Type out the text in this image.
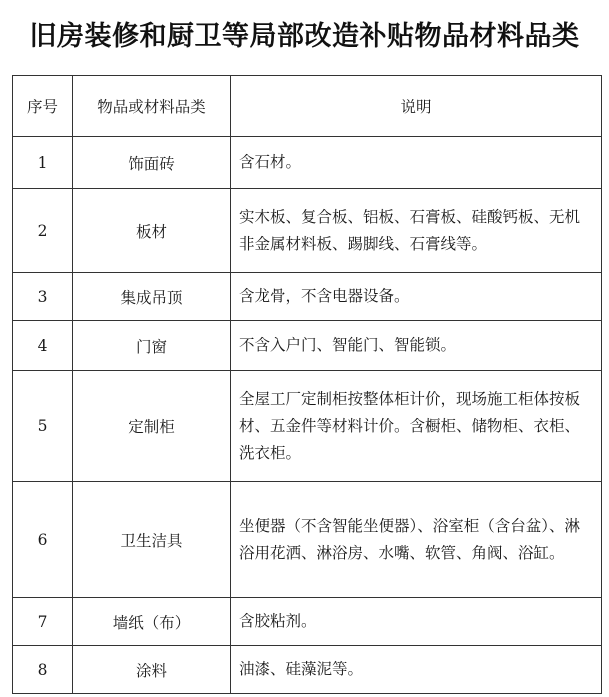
旧房装修和厨卫等局部改造补贴物品材料品类
序号	物品或材料品类	说明
1	饰面砖	含石材。
2	板材	实木板、复合板、铝板、石膏板、硅酸钙板、无机非金属材料板、踢脚线、石膏线等。
3	集成吊顶	含龙骨，不含电器设备。
4	门窗	不含入户门、智能门、智能锁。
5	定制柜	全屋工厂定制柜按整体柜计价，现场施工柜体按板材、五金件等材料计价。含橱柜、储物柜、衣柜、洗衣柜。
6	卫生洁具	坐便器（不含智能坐便器）、浴室柜（含台盆）、淋浴用花洒、淋浴房、水嘴、软管、角阀、浴缸。
7	墙纸（布）	含胶粘剂。
8	涂料	油漆、硅藻泥等。
